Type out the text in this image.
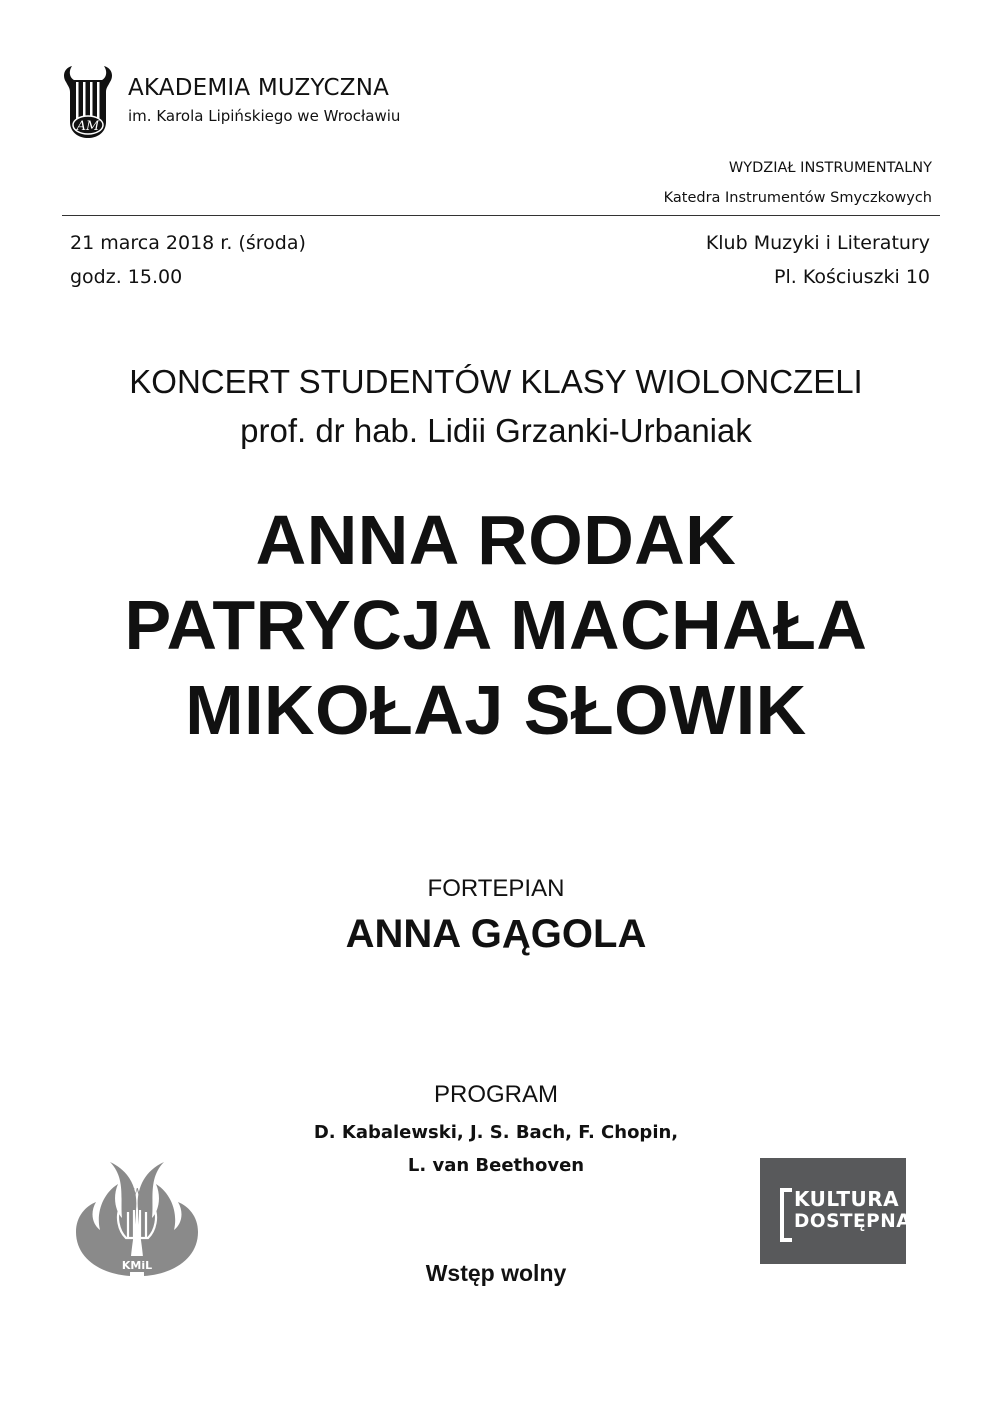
AM
AKADEMIA MUZYCZNA
im. Karola Lipińskiego we Wrocławiu
WYDZIAŁ INSTRUMENTALNY
Katedra Instrumentów Smyczkowych
21 marca 2018 r. (środa)
godz. 15.00
Klub Muzyki i Literatury
Pl. Kościuszki 10
KONCERT STUDENTÓW KLASY WIOLONCZELI
prof. dr hab. Lidii Grzanki-Urbaniak
ANNA RODAK
PATRYCJA MACHAŁA
MIKOŁAJ SŁOWIK
FORTEPIAN
ANNA GĄGOLA
PROGRAM
D. Kabalewski, J. S. Bach, F. Chopin,
L. van Beethoven
Wstęp wolny
W
KMiL
KULTURA
DOSTĘPNA
